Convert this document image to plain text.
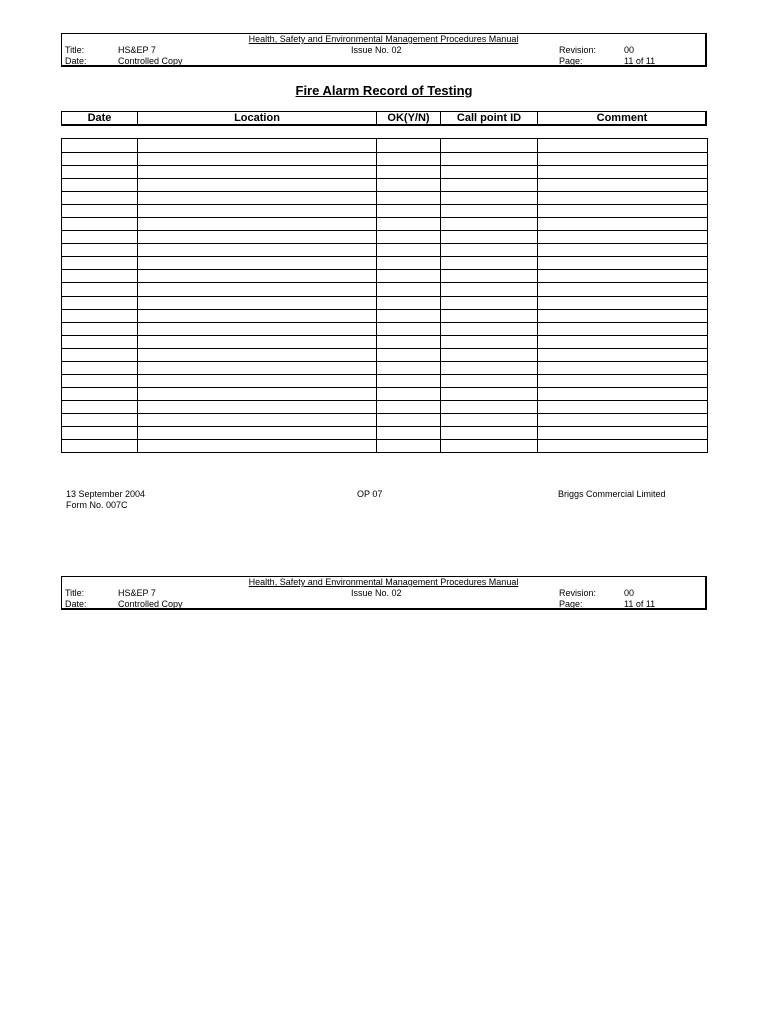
Health, Safety and Environmental Management Procedures Manual
Title:	HS&EP 7	Issue No. 02	Revision:	00
Date:	Controlled Copy	Page:	11 of 11
Fire Alarm Record of Testing
Date	Location	OK(Y/N)	Call point ID	Comment
13 September 2004
Form No. 007C
OP 07	Briggs Commercial Limited
Health, Safety and Environmental Management Procedures Manual
Title:	HS&EP 7	Issue No. 02	Revision:	00
Date:	Controlled Copy	Page:	11 of 11
